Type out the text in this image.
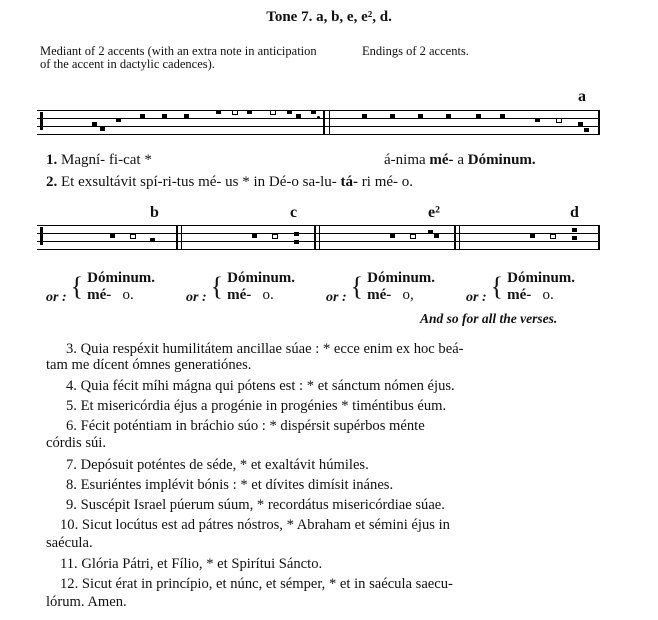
Tone 7. a, b, e, e², d.
Mediant of 2 accents (with an extra note in anticipation of the accent in dactylic cadences).
Endings of 2 accents.
a
1. Magní- fi-cat *	á-nima mé- a Dóminum.
2. Et exsultávit spí-ri-tus mé- us * in Dé-o sa-lu- tá- ri mé- o.
b	c	e²	d
or : { Dóminum.
mé- o.	or : { Dóminum.
mé- o.	or : { Dóminum.
mé- o,	or : { Dóminum.
mé- o.
And so for all the verses.
3. Quia respéxit humilitátem ancillae súae : * ecce enim ex hoc beá-
tam me dícent ómnes generatiónes.
4. Quia fécit míhi mágna qui pótens est : * et sánctum nómen éjus.
5. Et misericórdia éjus a progénie in progénies * timéntibus éum.
6. Fécit poténtiam in bráchio súo : * dispérsit supérbos ménte
córdis súi.
7. Depósuit poténtes de séde, * et exaltávit húmiles.
8. Esuriéntes implévit bónis : * et dívites dimísit inánes.
9. Suscépit Israel púerum súum, * recordátus misericórdiae súae.
10. Sicut locútus est ad pátres nóstros, * Abraham et sémini éjus in
saécula.
11. Glória Pátri, et Fílio, * et Spirítui Sáncto.
12. Sicut érat in princípio, et núnc, et sémper, * et in saécula saecu-
lórum. Amen.
